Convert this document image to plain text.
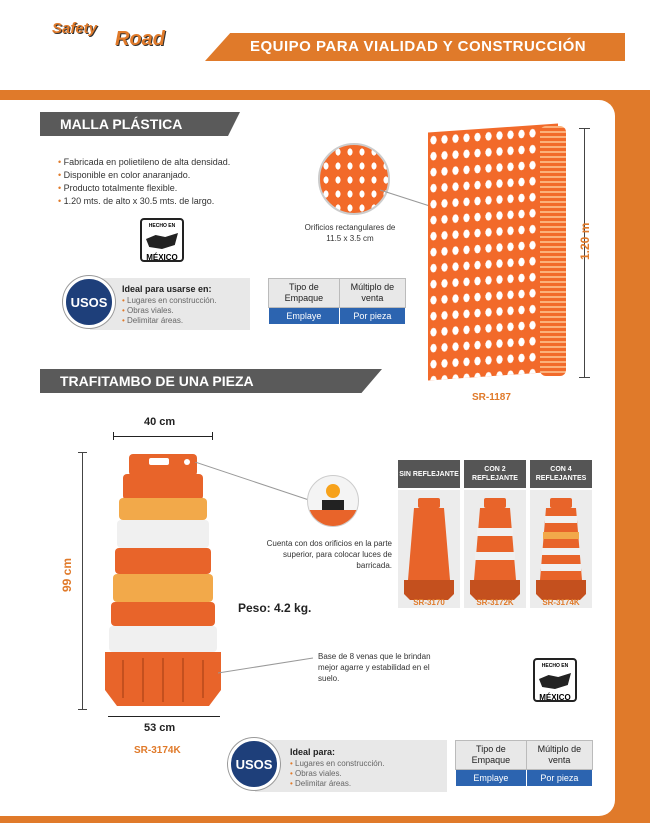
Safety Road	EQUIPO PARA VIALIDAD Y CONSTRUCCIÓN
MALLA PLÁSTICA
• Fabricada en polietileno de alta densidad.
• Disponible en color anaranjado.
• Producto totalmente flexible.
• 1.20 mts. de alto x 30.5 mts. de largo.
HECHO EN
MÉXICO
USOS
Ideal para usarse en:
• Lugares en construcción.
• Obras viales.
• Delimitar áreas.
Tipo de Empaque	Múltiplo de venta
Emplaye	Por pieza
Orificios rectangulares de 11.5 x 3.5 cm	1.20 m
SR-1187
TRAFITAMBO DE UNA PIEZA
40 cm
99 cm
53 cm
SR-3174K
Cuenta con dos orificios en la parte superior, para colocar luces de barricada.
Peso: 4.2 kg.
Base de 8 venas que le brindan mejor agarre y estabilidad en el suelo.
SIN REFLEJANTE
CON 2 REFLEJANTE
CON 4 REFLEJANTES
SR-3170	SR-3172K	SR-3174K
HECHO EN
MÉXICO
USOS
Ideal para:
• Lugares en construcción.
• Obras viales.
• Delimitar áreas.
Tipo de Empaque	Múltiplo de venta
Emplaye	Por pieza
